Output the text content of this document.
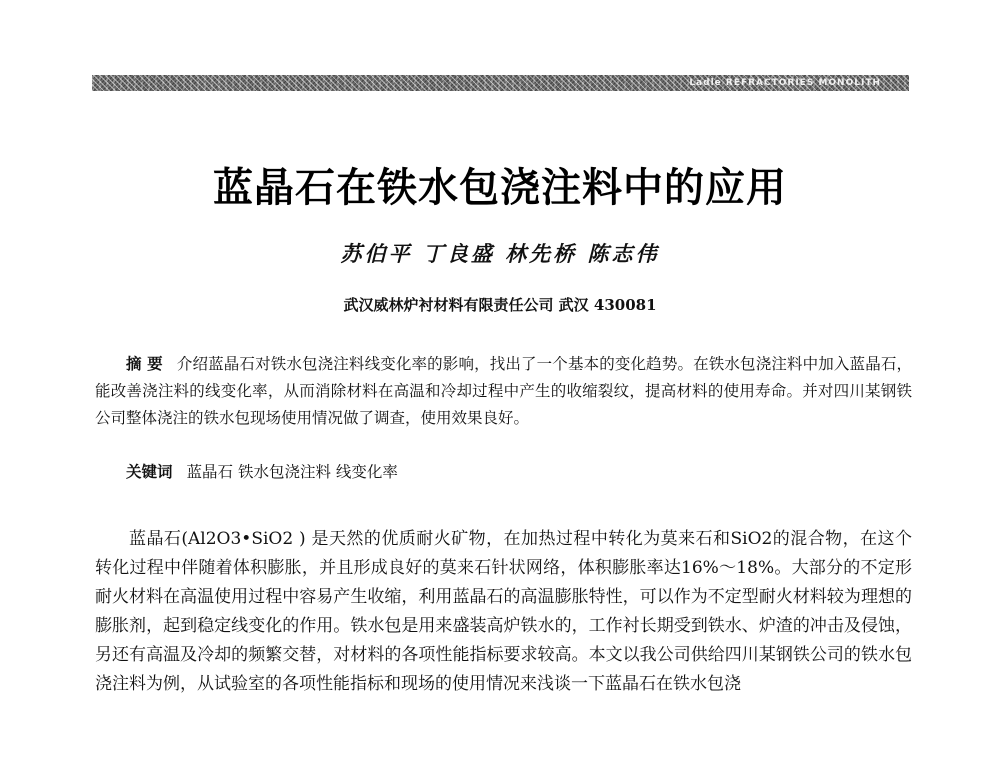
Ladle REFRACTORIES MONOLITH
蓝晶石在铁水包浇注料中的应用
苏伯平 丁良盛 林先桥 陈志伟
武汉威林炉衬材料有限责任公司 武汉 430081

摘 要 介绍蓝晶石对铁水包浇注料线变化率的影响，找出了一个基本的变化趋势。在铁水包浇注料中加入蓝晶石，能改善浇注料的线变化率，从而消除材料在高温和冷却过程中产生的收缩裂纹，提高材料的使用寿命。并对四川某钢铁公司整体浇注的铁水包现场使用情况做了调查，使用效果良好。

关键词 蓝晶石 铁水包浇注料 线变化率

蓝晶石(Al2O3•SiO2 ) 是天然的优质耐火矿物，在加热过程中转化为莫来石和SiO2的混合物，在这个转化过程中伴随着体积膨胀，并且形成良好的莫来石针状网络，体积膨胀率达16%～18%。大部分的不定形耐火材料在高温使用过程中容易产生收缩，利用蓝晶石的高温膨胀特性，可以作为不定型耐火材料较为理想的膨胀剂，起到稳定线变化的作用。铁水包是用来盛装高炉铁水的，工作衬长期受到铁水、炉渣的冲击及侵蚀，另还有高温及冷却的频繁交替，对材料的各项性能指标要求较高。本文以我公司供给四川某钢铁公司的铁水包浇注料为例，从试验室的各项性能指标和现场的使用情况来浅谈一下蓝晶石在铁水包浇
